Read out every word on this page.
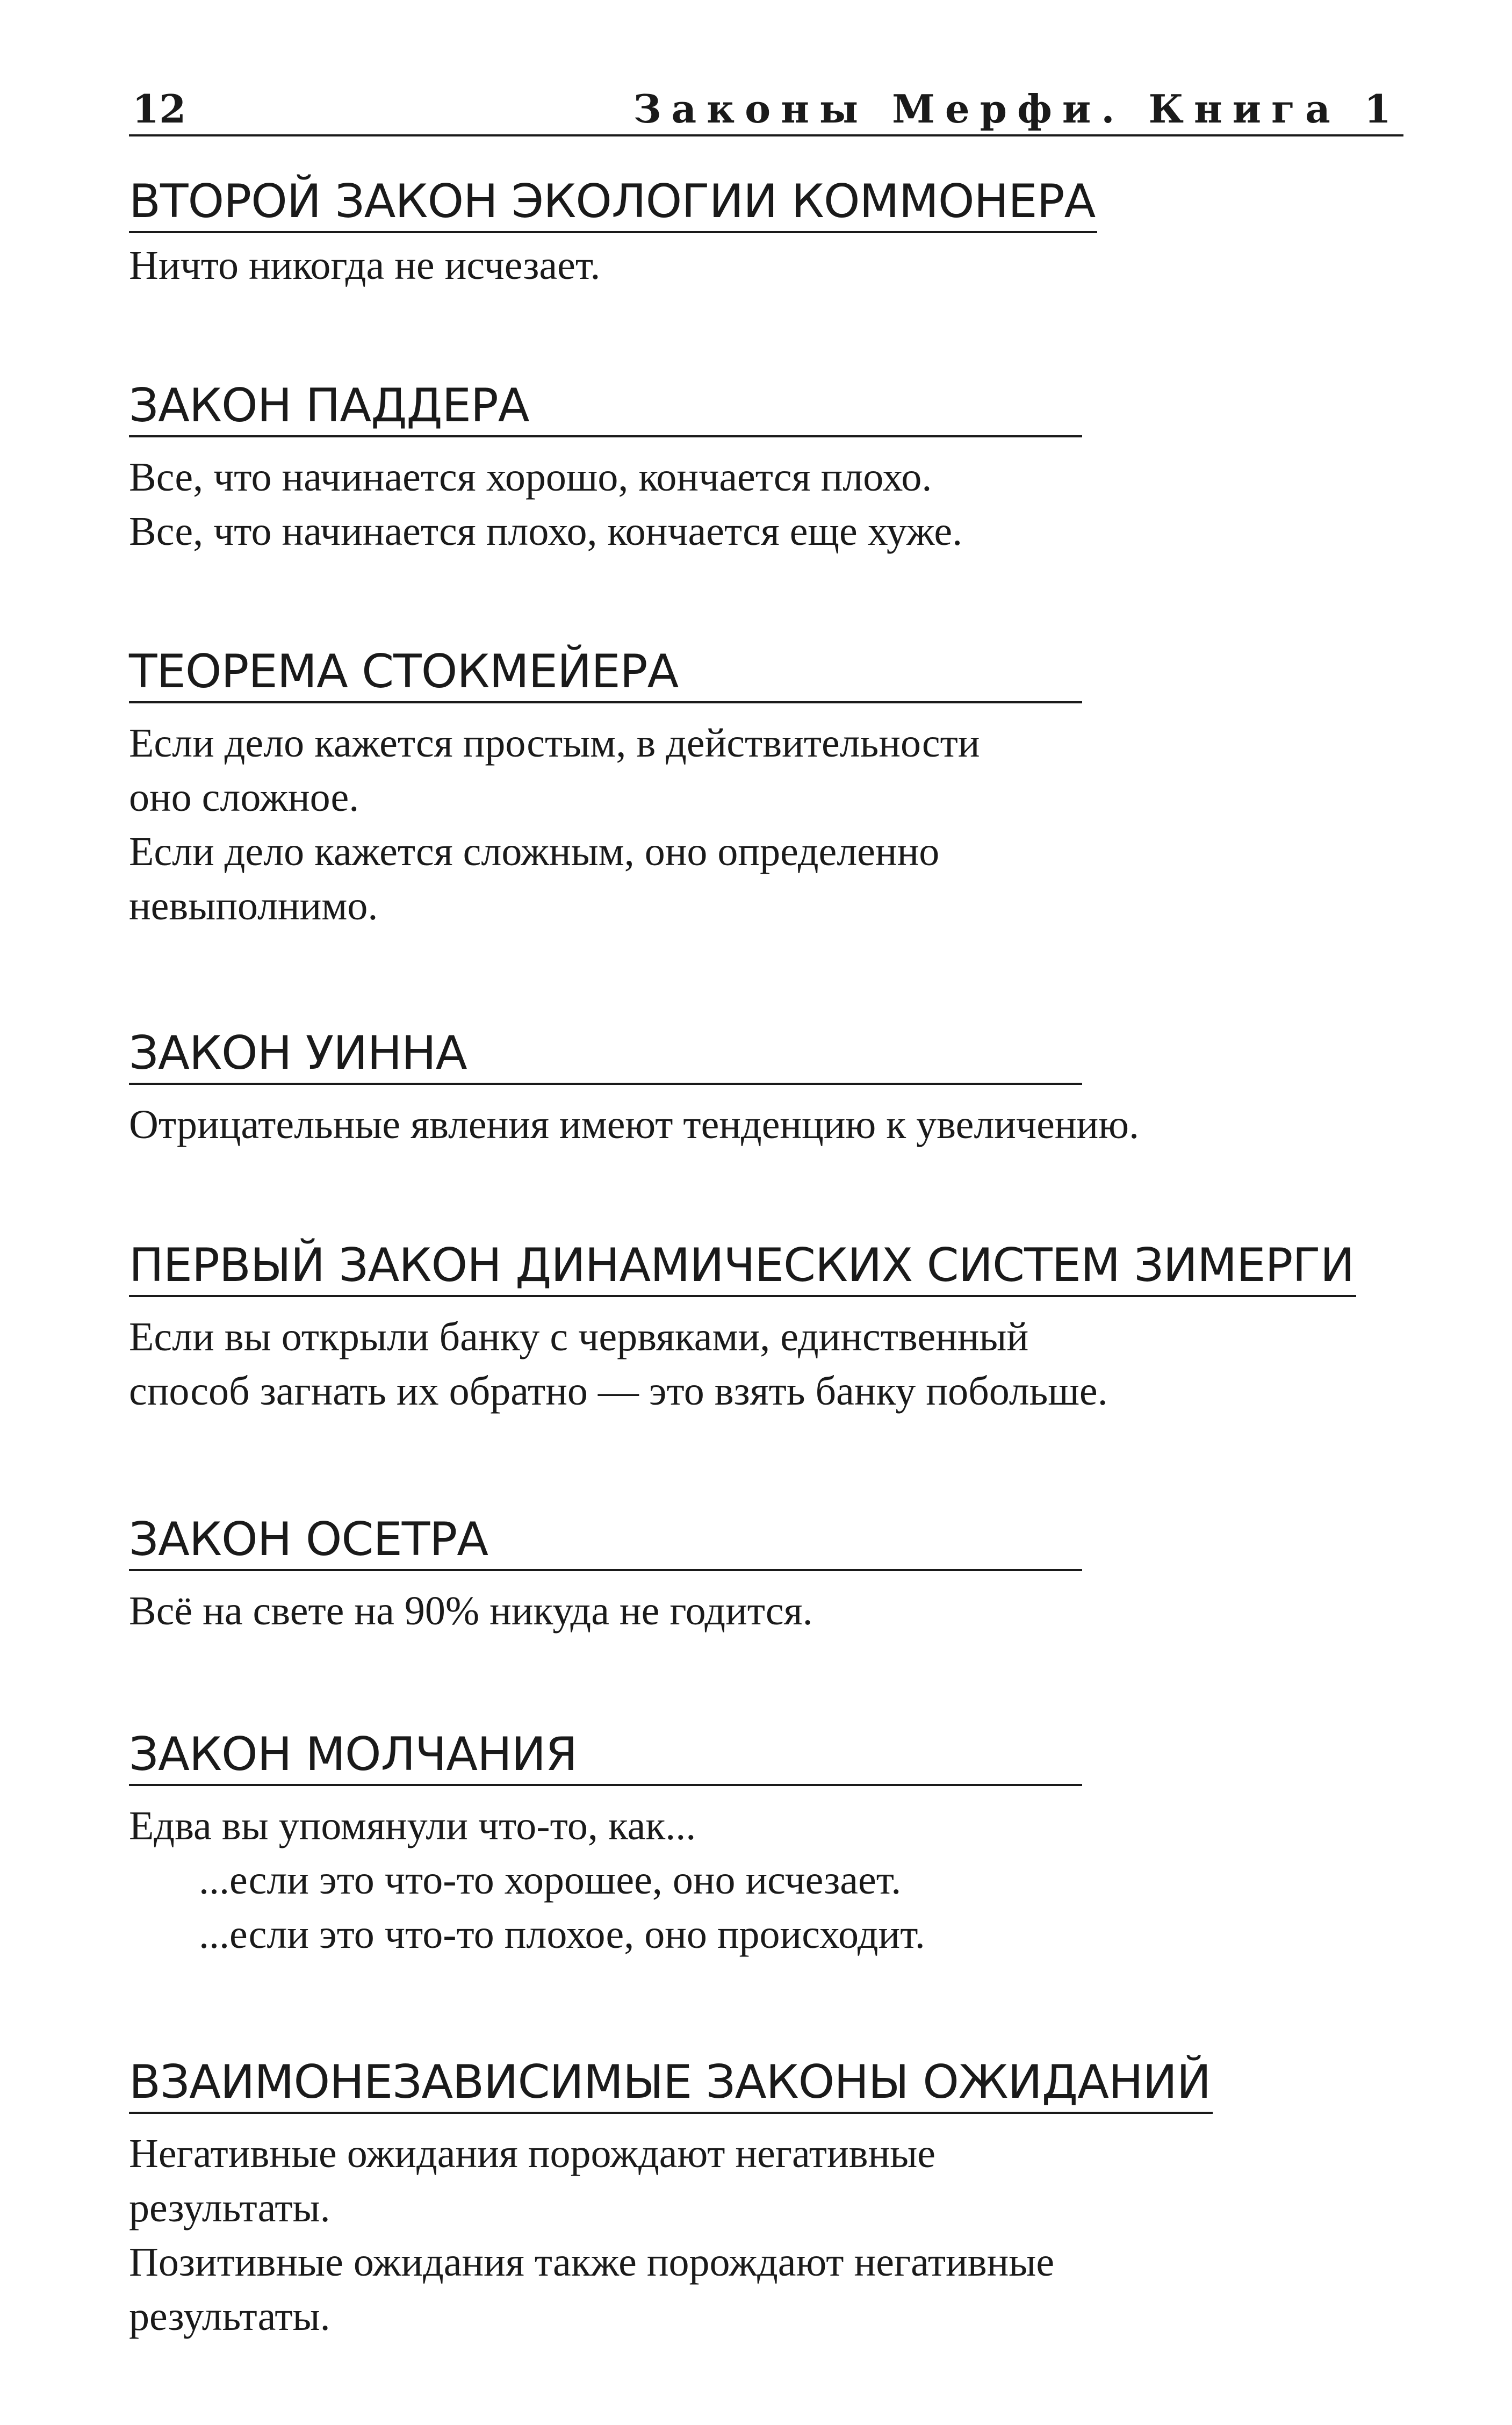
12	Законы Мерфи. Книга 1
ВТОРОЙ ЗАКОН ЭКОЛОГИИ КОММОНЕРА

Ничто никогда не исчезает.

ЗАКОН ПАДДЕРА

Все, что начинается хорошо, кончается плохо.

Все, что начинается плохо, кончается еще хуже.

ТЕОРЕМА СТОКМЕЙЕРА

Если дело кажется простым, в действительности

оно сложное.

Если дело кажется сложным, оно определенно

невыполнимо.

ЗАКОН УИННА

Отрицательные явления имеют тенденцию к увеличению.

ПЕРВЫЙ ЗАКОН ДИНАМИЧЕСКИХ СИСТЕМ ЗИМЕРГИ

Если вы открыли банку с червяками, единственный

способ загнать их обратно — это взять банку побольше.

ЗАКОН ОСЕТРА

Всё на свете на 90% никуда не годится.

ЗАКОН МОЛЧАНИЯ

Едва вы упомянули что-то, как...

...если это что-то хорошее, оно исчезает.

...если это что-то плохое, оно происходит.

ВЗАИМОНЕЗАВИСИМЫЕ ЗАКОНЫ ОЖИДАНИЙ

Негативные ожидания порождают негативные

результаты.

Позитивные ожидания также порождают негативные

результаты.
